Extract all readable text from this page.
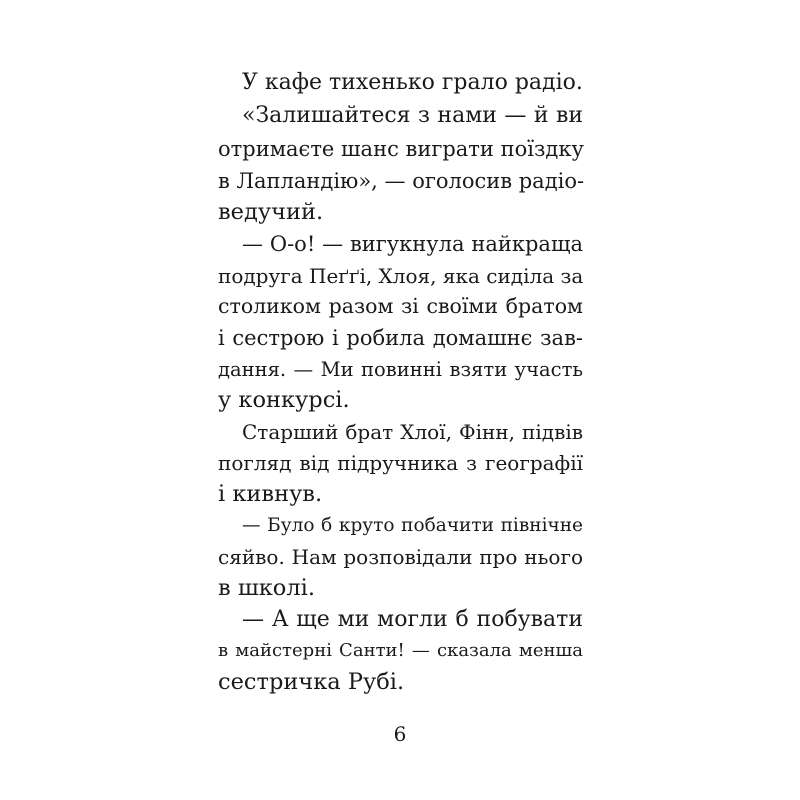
У кафе тихенько грало радіо.

«Залишайтеся з нами — й ви

отримаєте шанс виграти поїздку

в Лапландію», — оголосив радіо-

ведучий.

— О-о! — вигукнула найкраща

подруга Пеґґі, Хлоя, яка сиділа за

столиком разом зі своїми братом

і сестрою і робила домашнє зав-

дання. — Ми повинні взяти участь

у конкурсі.

Старший брат Хлої, Фінн, підвів

погляд від підручника з географії

і кивнув.

— Було б круто побачити північне

сяйво. Нам розповідали про нього

в школі.

— А ще ми могли б побувати

в майстерні Санти! — сказала менша

сестричка Рубі.

6
